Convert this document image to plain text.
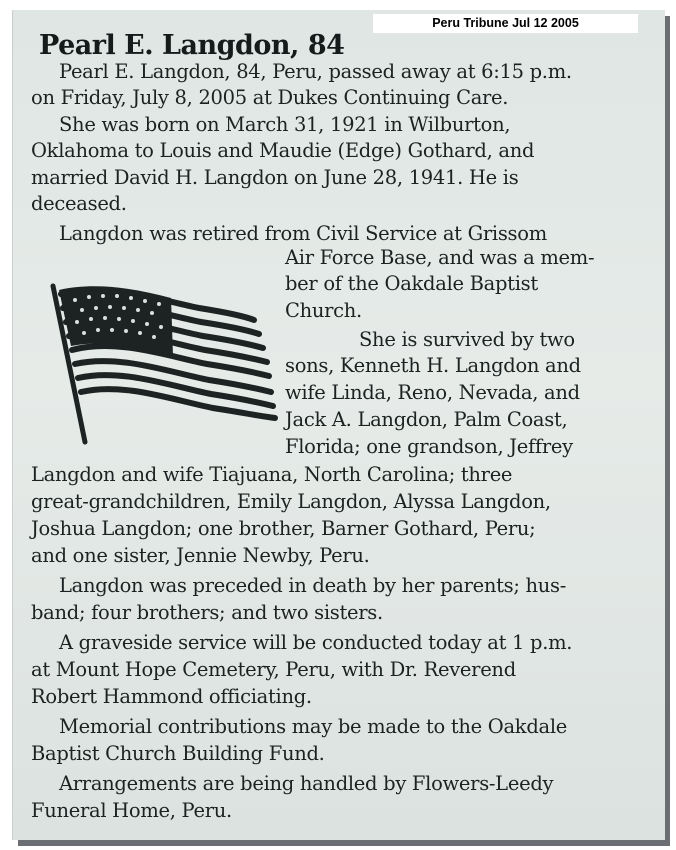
Pearl E. Langdon, 84
Pearl E. Langdon, 84, Peru, passed away at 6:15 p.m.
on Friday, July 8, 2005 at Dukes Continuing Care.
She was born on March 31, 1921 in Wilburton,
Oklahoma to Louis and Maudie (Edge) Gothard, and
married David H. Langdon on June 28, 1941. He is
deceased.
Langdon was retired from Civil Service at Grissom
Air Force Base, and was a mem-
ber of the Oakdale Baptist
Church.
She is survived by two
sons, Kenneth H. Langdon and
wife Linda, Reno, Nevada, and
Jack A. Langdon, Palm Coast,
Florida; one grandson, Jeffrey
Langdon and wife Tiajuana, North Carolina; three
great-grandchildren, Emily Langdon, Alyssa Langdon,
Joshua Langdon; one brother, Barner Gothard, Peru;
and one sister, Jennie Newby, Peru.
Langdon was preceded in death by her parents; hus-
band; four brothers; and two sisters.
A graveside service will be conducted today at 1 p.m.
at Mount Hope Cemetery, Peru, with Dr. Reverend
Robert Hammond officiating.
Memorial contributions may be made to the Oakdale
Baptist Church Building Fund.
Arrangements are being handled by Flowers-Leedy
Funeral Home, Peru.
Peru Tribune Jul 12 2005
